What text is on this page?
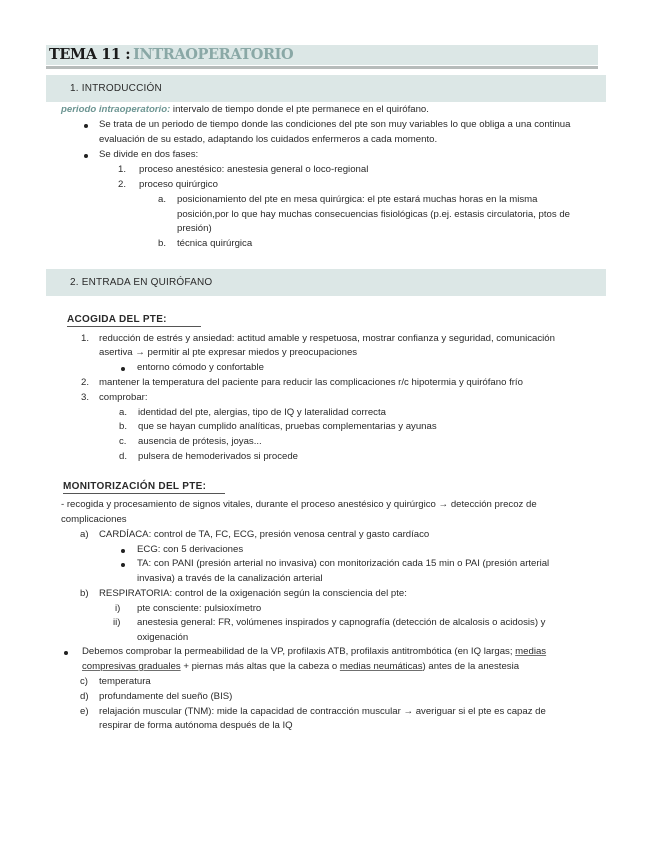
TEMA 11 : INTRAOPERATORIO
1. INTRODUCCIÓN
periodo intraoperatorio: intervalo de tiempo donde el pte permanece en el quirófano.
Se trata de un periodo de tiempo donde las condiciones del pte son muy variables lo que obliga a una continua
evaluación de su estado, adaptando los cuidados enfermeros a cada momento.
Se divide en dos fases:
1. proceso anestésico: anestesia general o loco-regional
2. proceso quirúrgico
a. posicionamiento del pte en mesa quirúrgica: el pte estará muchas horas en la misma
posición,por lo que hay muchas consecuencias fisiológicas (p.ej. estasis circulatoria, ptos de
presión)
b. técnica quirúrgica
2. ENTRADA EN QUIRÓFANO
ACOGIDA DEL PTE:
1. reducción de estrés y ansiedad: actitud amable y respetuosa, mostrar confianza y seguridad, comunicación
asertiva → permitir al pte expresar miedos y preocupaciones
entorno cómodo y confortable
2. mantener la temperatura del paciente para reducir las complicaciones r/c hipotermia y quirófano frío
3. comprobar:
a. identidad del pte, alergias, tipo de IQ y lateralidad correcta
b. que se hayan cumplido analíticas, pruebas complementarias y ayunas
c. ausencia de prótesis, joyas...
d. pulsera de hemoderivados si procede
MONITORIZACIÓN DEL PTE:
- recogida y procesamiento de signos vitales, durante el proceso anestésico y quirúrgico → detección precoz de
complicaciones
a) CARDÍACA: control de TA, FC, ECG, presión venosa central y gasto cardíaco
ECG: con 5 derivaciones
TA: con PANI (presión arterial no invasiva) con monitorización cada 15 min o PAI (presión arterial
invasiva) a través de la canalización arterial
b) RESPIRATORIA: control de la oxigenación según la consciencia del pte:
i) pte consciente: pulsioxímetro
ii) anestesia general: FR, volúmenes inspirados y capnografía (detección de alcalosis o acidosis) y
oxigenación
Debemos comprobar la permeabilidad de la VP, profilaxis ATB, profilaxis antitrombótica (en IQ largas; medias
compresivas graduales + piernas más altas que la cabeza o medias neumáticas) antes de la anestesia
c) temperatura
d) profundamente del sueño (BIS)
e) relajación muscular (TNM): mide la capacidad de contracción muscular → averiguar si el pte es capaz de
respirar de forma autónoma después de la IQ
